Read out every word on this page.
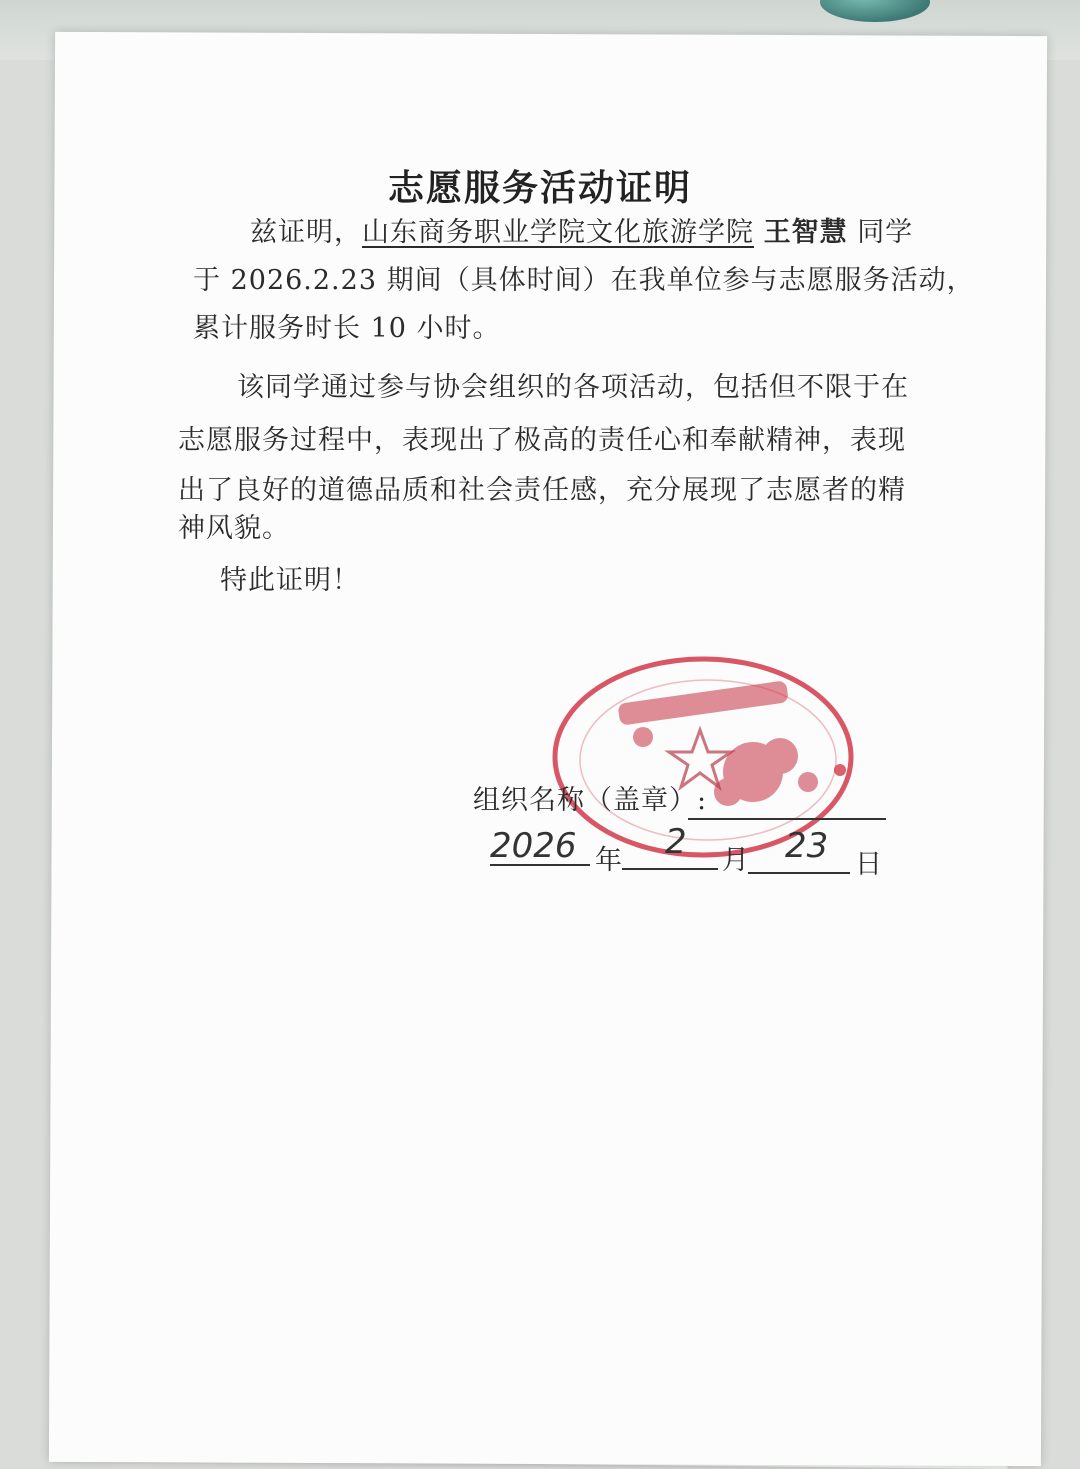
志愿服务活动证明
兹证明，山东商务职业学院文化旅游学院 王智慧 同学
于 2026.2.23 期间（具体时间）在我单位参与志愿服务活动，
累计服务时长 10 小时。
该同学通过参与协会组织的各项活动，包括但不限于在
志愿服务过程中，表现出了极高的责任心和奉献精神，表现
出了良好的道德品质和社会责任感，充分展现了志愿者的精
神风貌。
特此证明！
组织名称（盖章）:
2026 年 2 月 23 日
